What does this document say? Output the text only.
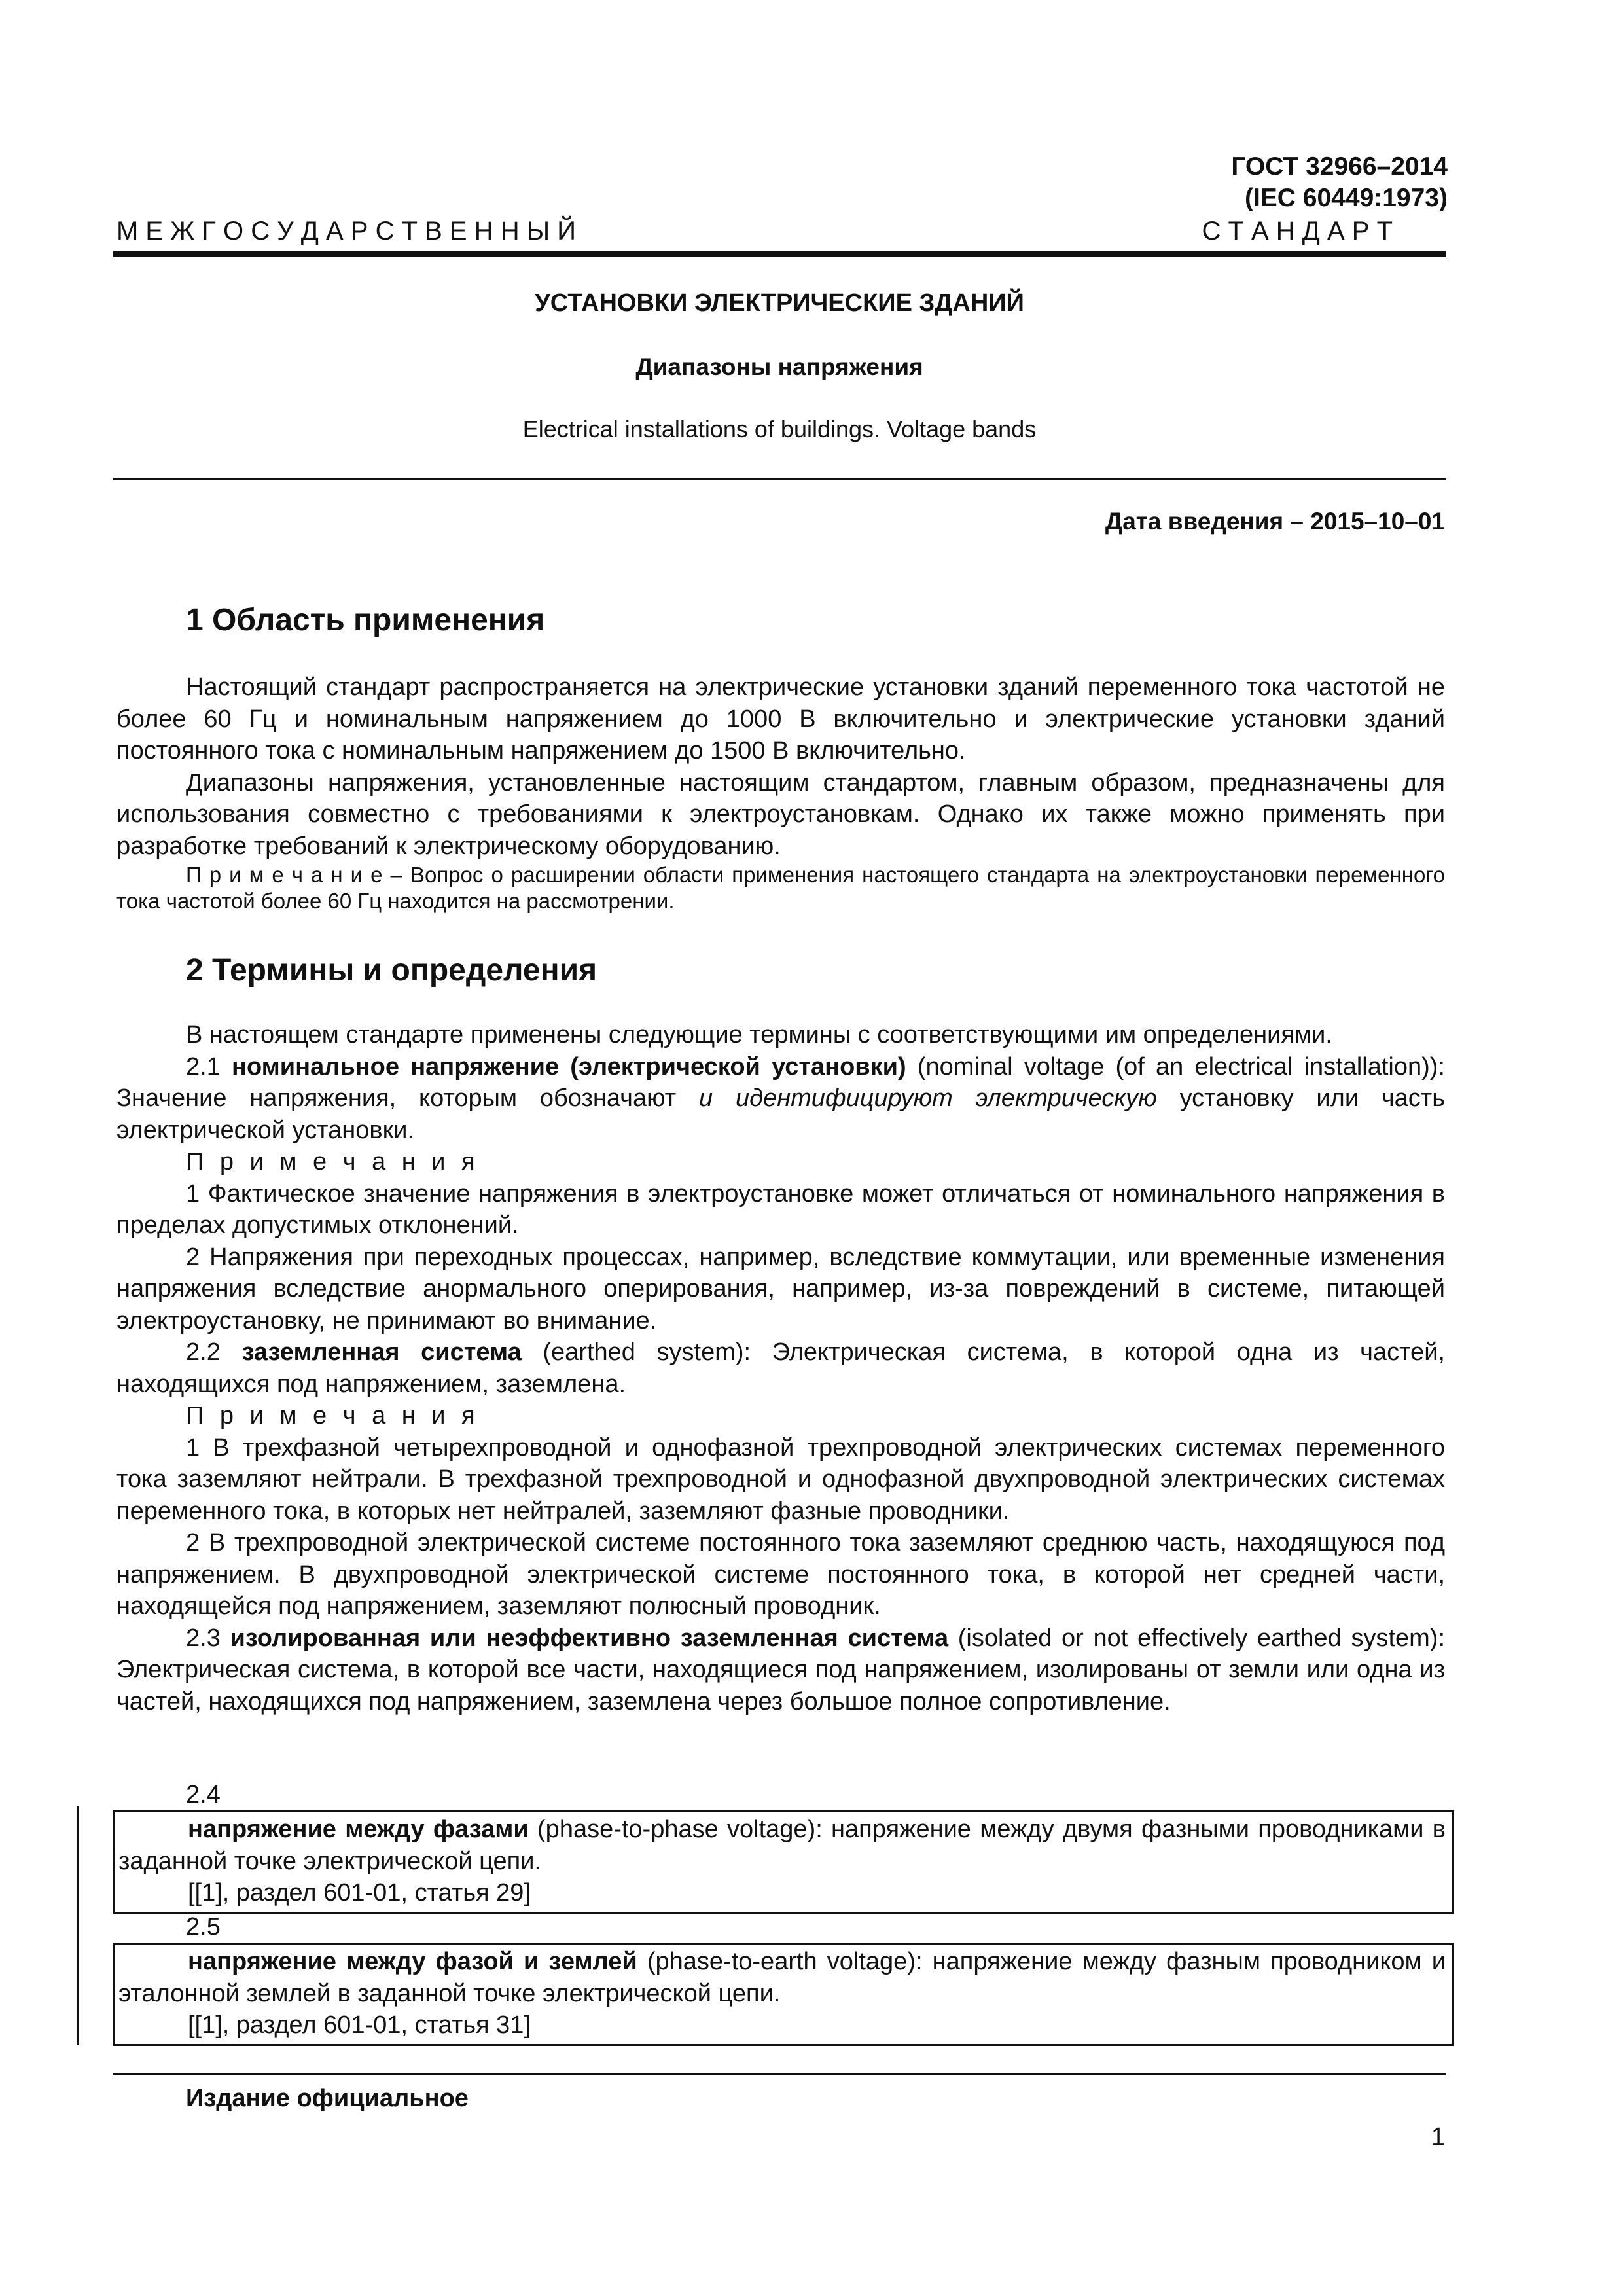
ГОСТ 32966–2014
(IEC 60449:1973)
М Е Ж Г О С У Д А Р С Т В Е Н Н Ы Й	С Т А Н Д А Р Т
УСТАНОВКИ ЭЛЕКТРИЧЕСКИЕ ЗДАНИЙ
Диапазоны напряжения
Electrical installations of buildings. Voltage bands
Дата введения – 2015–10–01
1 Область применения

Настоящий стандарт распространяется на электрические установки зданий переменного тока частотой не более 60 Гц и номинальным напряжением до 1000 В включительно и электрические установки зданий постоянного тока с номинальным напряжением до 1500 В включительно.

Диапазоны напряжения, установленные настоящим стандартом, главным образом, предназначены для использования совместно с требованиями к электроустановкам. Однако их также можно применять при разработке требований к электрическому оборудованию.

П р и м е ч а н и е – Вопрос о расширении области применения настоящего стандарта на электроустановки переменного тока частотой более 60 Гц находится на рассмотрении.

2 Термины и определения

В настоящем стандарте применены следующие термины с соответствующими им определениями.

2.1 номинальное напряжение (электрической установки) (nominal voltage (of an electrical installation)): Значение напряжения, которым обозначают и идентифицируют электрическую установку или часть электрической установки.

П р и м е ч а н и я

1 Фактическое значение напряжения в электроустановке может отличаться от номинального напряжения в пределах допустимых отклонений.

2 Напряжения при переходных процессах, например, вследствие коммутации, или временные изменения напряжения вследствие анормального оперирования, например, из-за повреждений в системе, питающей электроустановку, не принимают во внимание.

2.2 заземленная система (earthed system): Электрическая система, в которой одна из частей, находящихся под напряжением, заземлена.

П р и м е ч а н и я

1 В трехфазной четырехпроводной и однофазной трехпроводной электрических системах переменного тока заземляют нейтрали. В трехфазной трехпроводной и однофазной двухпроводной электрических системах переменного тока, в которых нет нейтралей, заземляют фазные проводники.

2 В трехпроводной электрической системе постоянного тока заземляют среднюю часть, находящуюся под напряжением. В двухпроводной электрической системе постоянного тока, в которой нет средней части, находящейся под напряжением, заземляют полюсный проводник.

2.3 изолированная или неэффективно заземленная система (isolated or not effectively earthed system): Электрическая система, в которой все части, находящиеся под напряжением, изолированы от земли или одна из частей, находящихся под напряжением, заземлена через большое полное сопротивление.

2.4

напряжение между фазами (phase-to-phase voltage): напряжение между двумя фазными проводниками в заданной точке электрической цепи.

[[1], раздел 601-01, статья 29]

2.5

напряжение между фазой и землей (phase-to-earth voltage): напряжение между фазным проводником и эталонной землей в заданной точке электрической цепи.

[[1], раздел 601-01, статья 31]

Издание официальное
1
